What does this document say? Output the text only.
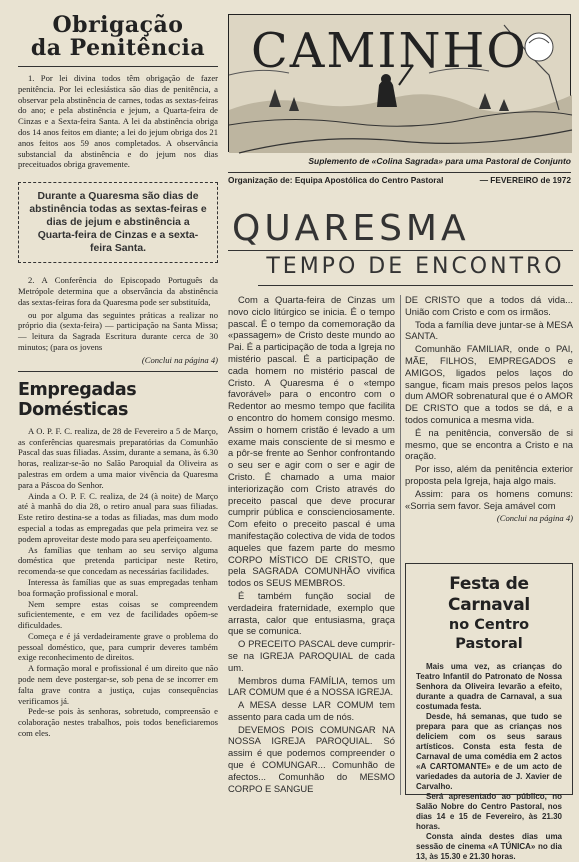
Obrigação
da Penitência

1. Por lei divina todos têm obrigação de fazer penitência. Por lei eclesiástica são dias de penitência, a observar pela abstinência de carnes, todas as sextas-feiras do ano; e pela abstinência e jejum, a Quarta-feira de Cinzas e a Sexta-feira Santa. A lei da abstinência obriga dos 14 anos feitos em diante; a lei do jejum obriga dos 21 anos feitos aos 59 anos completados. A observância substancial da abstinência e do jejum nos dias preceituados obriga gravemente.

Durante a Quaresma são dias de abstinência todas as sextas-feiras e dias de jejum e abstinência a Quarta-feira de Cinzas e a sexta-feira Santa.

2. A Conferência do Episcopado Português da Metrópole determina que a observância da abstinência das sextas-feiras fora da Quaresma pode ser substituída,

ou por alguma das seguintes práticas a realizar no próprio dia (sexta-feira) — participação na Santa Missa; — leitura da Sagrada Escritura durante cerca de 30 minutos; (para os jovens

(Conclui na página 4)
Empregadas Domésticas

A O. P. F. C. realiza, de 28 de Fevereiro a 5 de Março, as conferências quaresmais preparatórias da Comunhão Pascal das suas filiadas. Assim, durante a semana, às 6.30 horas, realizar-se-ão no Salão Paroquial da Oliveira as palestras em ordem a uma maior vivência da Quaresma para a Páscoa do Senhor.

Ainda a O. P. F. C. realiza, de 24 (à noite) de Março até à manhã do dia 28, o retiro anual para suas filiadas. Este retiro destina-se a todas as filiadas, mas dum modo especial a todas as empregadas que pela primeira vez se podem aproveitar deste modo para seu aperfeiçoamento.

As famílias que tenham ao seu serviço alguma doméstica que pretenda participar neste Retiro, recomenda-se que concedam as necessárias facilidades.

Interessa às famílias que as suas empregadas tenham boa formação profissional e moral.

Nem sempre estas coisas se compreendem suficientemente, e em vez de facilidades opõem-se dificuldades.

Começa e é já verdadeiramente grave o problema do pessoal doméstico, que, para cumprir deveres também exige reconhecimento de direitos.

A formação moral e profissional é um direito que não pode nem deve postergar-se, sob pena de se incorrer em falta grave contra a justiça, cujas consequências verificamos já.

Pede-se pois às senhoras, sobretudo, compreensão e colaboração nestes trabalhos, pois todos beneficiaremos com eles.

CAMINHO
Suplemento de «Colina Sagrada» para uma Pastoral de Conjunto
Organização de: Equipa Apostólica do Centro Pastoral	— FEVEREIRO de 1972
QUARESMA
TEMPO DE ENCONTRO

Com a Quarta-feira de Cinzas um novo ciclo litúrgico se inicia. É o tempo pascal. É o tempo da comemoração da «passagem» de Cristo deste mundo ao Pai. É a participação de toda a Igreja no mistério pascal. É a participação de cada homem no mistério pascal de Cristo. A Quaresma é o «tempo favorável» para o encontro com o Redentor ao mesmo tempo que facilita o encontro do homem consigo mesmo. Assim o homem cristão é levado a um exame mais consciente de si mesmo e a pôr-se frente ao Senhor confrontando o seu ser e agir com o ser e agir de Cristo. É chamado a uma maior interiorização com Cristo através do preceito pascal que deve procurar cumprir pública e conscienciosamente. Com efeito o preceito pascal é uma manifestação colectiva de vida de todos aqueles que fazem parte do mesmo CORPO MÍSTICO DE CRISTO, que pela SAGRADA COMUNHÃO vivifica todos os SEUS MEMBROS.

É também função social de verdadeira fraternidade, exemplo que arrasta, calor que entusiasma, graça que se comunica.

O PRECEITO PASCAL deve cumprir-se na IGREJA PAROQUIAL de cada um.

Membros duma FAMÍLIA, temos um LAR COMUM que é a NOSSA IGREJA.

A MESA desse LAR COMUM tem assento para cada um de nós.

DEVEMOS POIS COMUNGAR NA NOSSA IGREJA PAROQUIAL. Só assim é que podemos compreender o que é COMUNGAR... Comunhão de afectos... Comunhão do MESMO CORPO E SANGUE

DE CRISTO que a todos dá vida... União com Cristo e com os irmãos.

Toda a família deve juntar-se à MESA SANTA.

Comunhão FAMILIAR, onde o PAI, MÃE, FILHOS, EMPREGADOS e AMIGOS, ligados pelos laços do sangue, ficam mais presos pelos laços dum AMOR sobrenatural que é o AMOR DE CRISTO que a todos se dá, e a todos comunica a mesma vida.

É na penitência, conversão de si mesmo, que se encontra a Cristo e na oração.

Por isso, além da penitência exterior proposta pela Igreja, haja algo mais.

Assim: para os homens comuns: «Sorria sem favor. Seja amável com

(Conclui na página 4)
Festa de Carnaval
no Centro Pastoral

Mais uma vez, as crianças do Teatro Infantil do Patronato de Nossa Senhora da Oliveira levarão a efeito, durante a quadra de Carnaval, a sua costumada festa.

Desde, há semanas, que tudo se prepara para que as crianças nos deliciem com os seus saraus artísticos. Consta esta festa de Carnaval de uma comédia em 2 actos «A CARTOMANTE» e de um acto de variedades da autoria de J. Xavier de Carvalho.

Será apresentado ao público, no Salão Nobre do Centro Pastoral, nos dias 14 e 15 de Fevereiro, às 21.30 horas.

Consta ainda destes dias uma sessão de cinema «A TÚNICA» no dia 13, às 15.30 e 21.30 horas.
